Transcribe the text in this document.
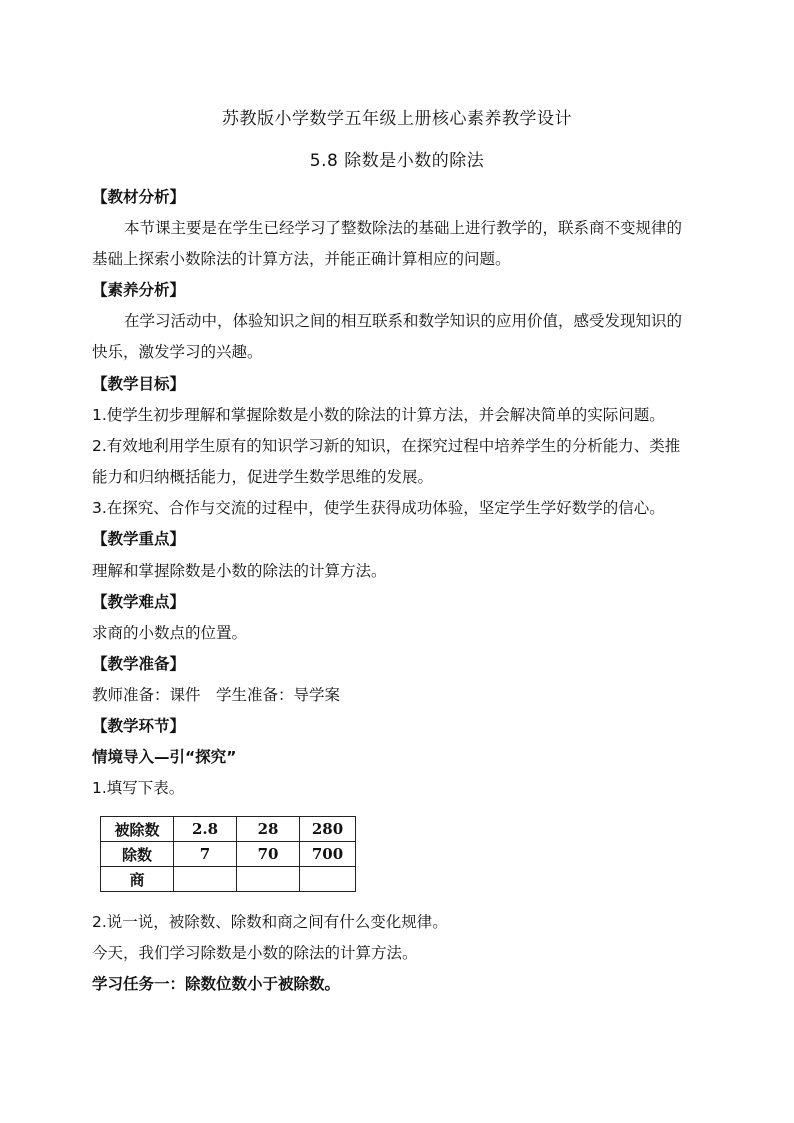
苏教版小学数学五年级上册核心素养教学设计
5.8 除数是小数的除法
【教材分析】
本节课主要是在学生已经学习了整数除法的基础上进行教学的，联系商不变规律的
基础上探索小数除法的计算方法，并能正确计算相应的问题。
【素养分析】
在学习活动中，体验知识之间的相互联系和数学知识的应用价值，感受发现知识的
快乐，激发学习的兴趣。
【教学目标】
1.使学生初步理解和掌握除数是小数的除法的计算方法，并会解决简单的实际问题。
2.有效地利用学生原有的知识学习新的知识，在探究过程中培养学生的分析能力、类推
能力和归纳概括能力，促进学生数学思维的发展。
3.在探究、合作与交流的过程中，使学生获得成功体验，坚定学生学好数学的信心。
【教学重点】
理解和掌握除数是小数的除法的计算方法。
【教学难点】
求商的小数点的位置。
【教学准备】
教师准备：课件　学生准备：导学案
【教学环节】
情境导入—引“探究”
1.填写下表。
被除数	2.8	28	280
除数	7	70	700
商			
2.说一说，被除数、除数和商之间有什么变化规律。
今天，我们学习除数是小数的除法的计算方法。
学习任务一：除数位数小于被除数。
